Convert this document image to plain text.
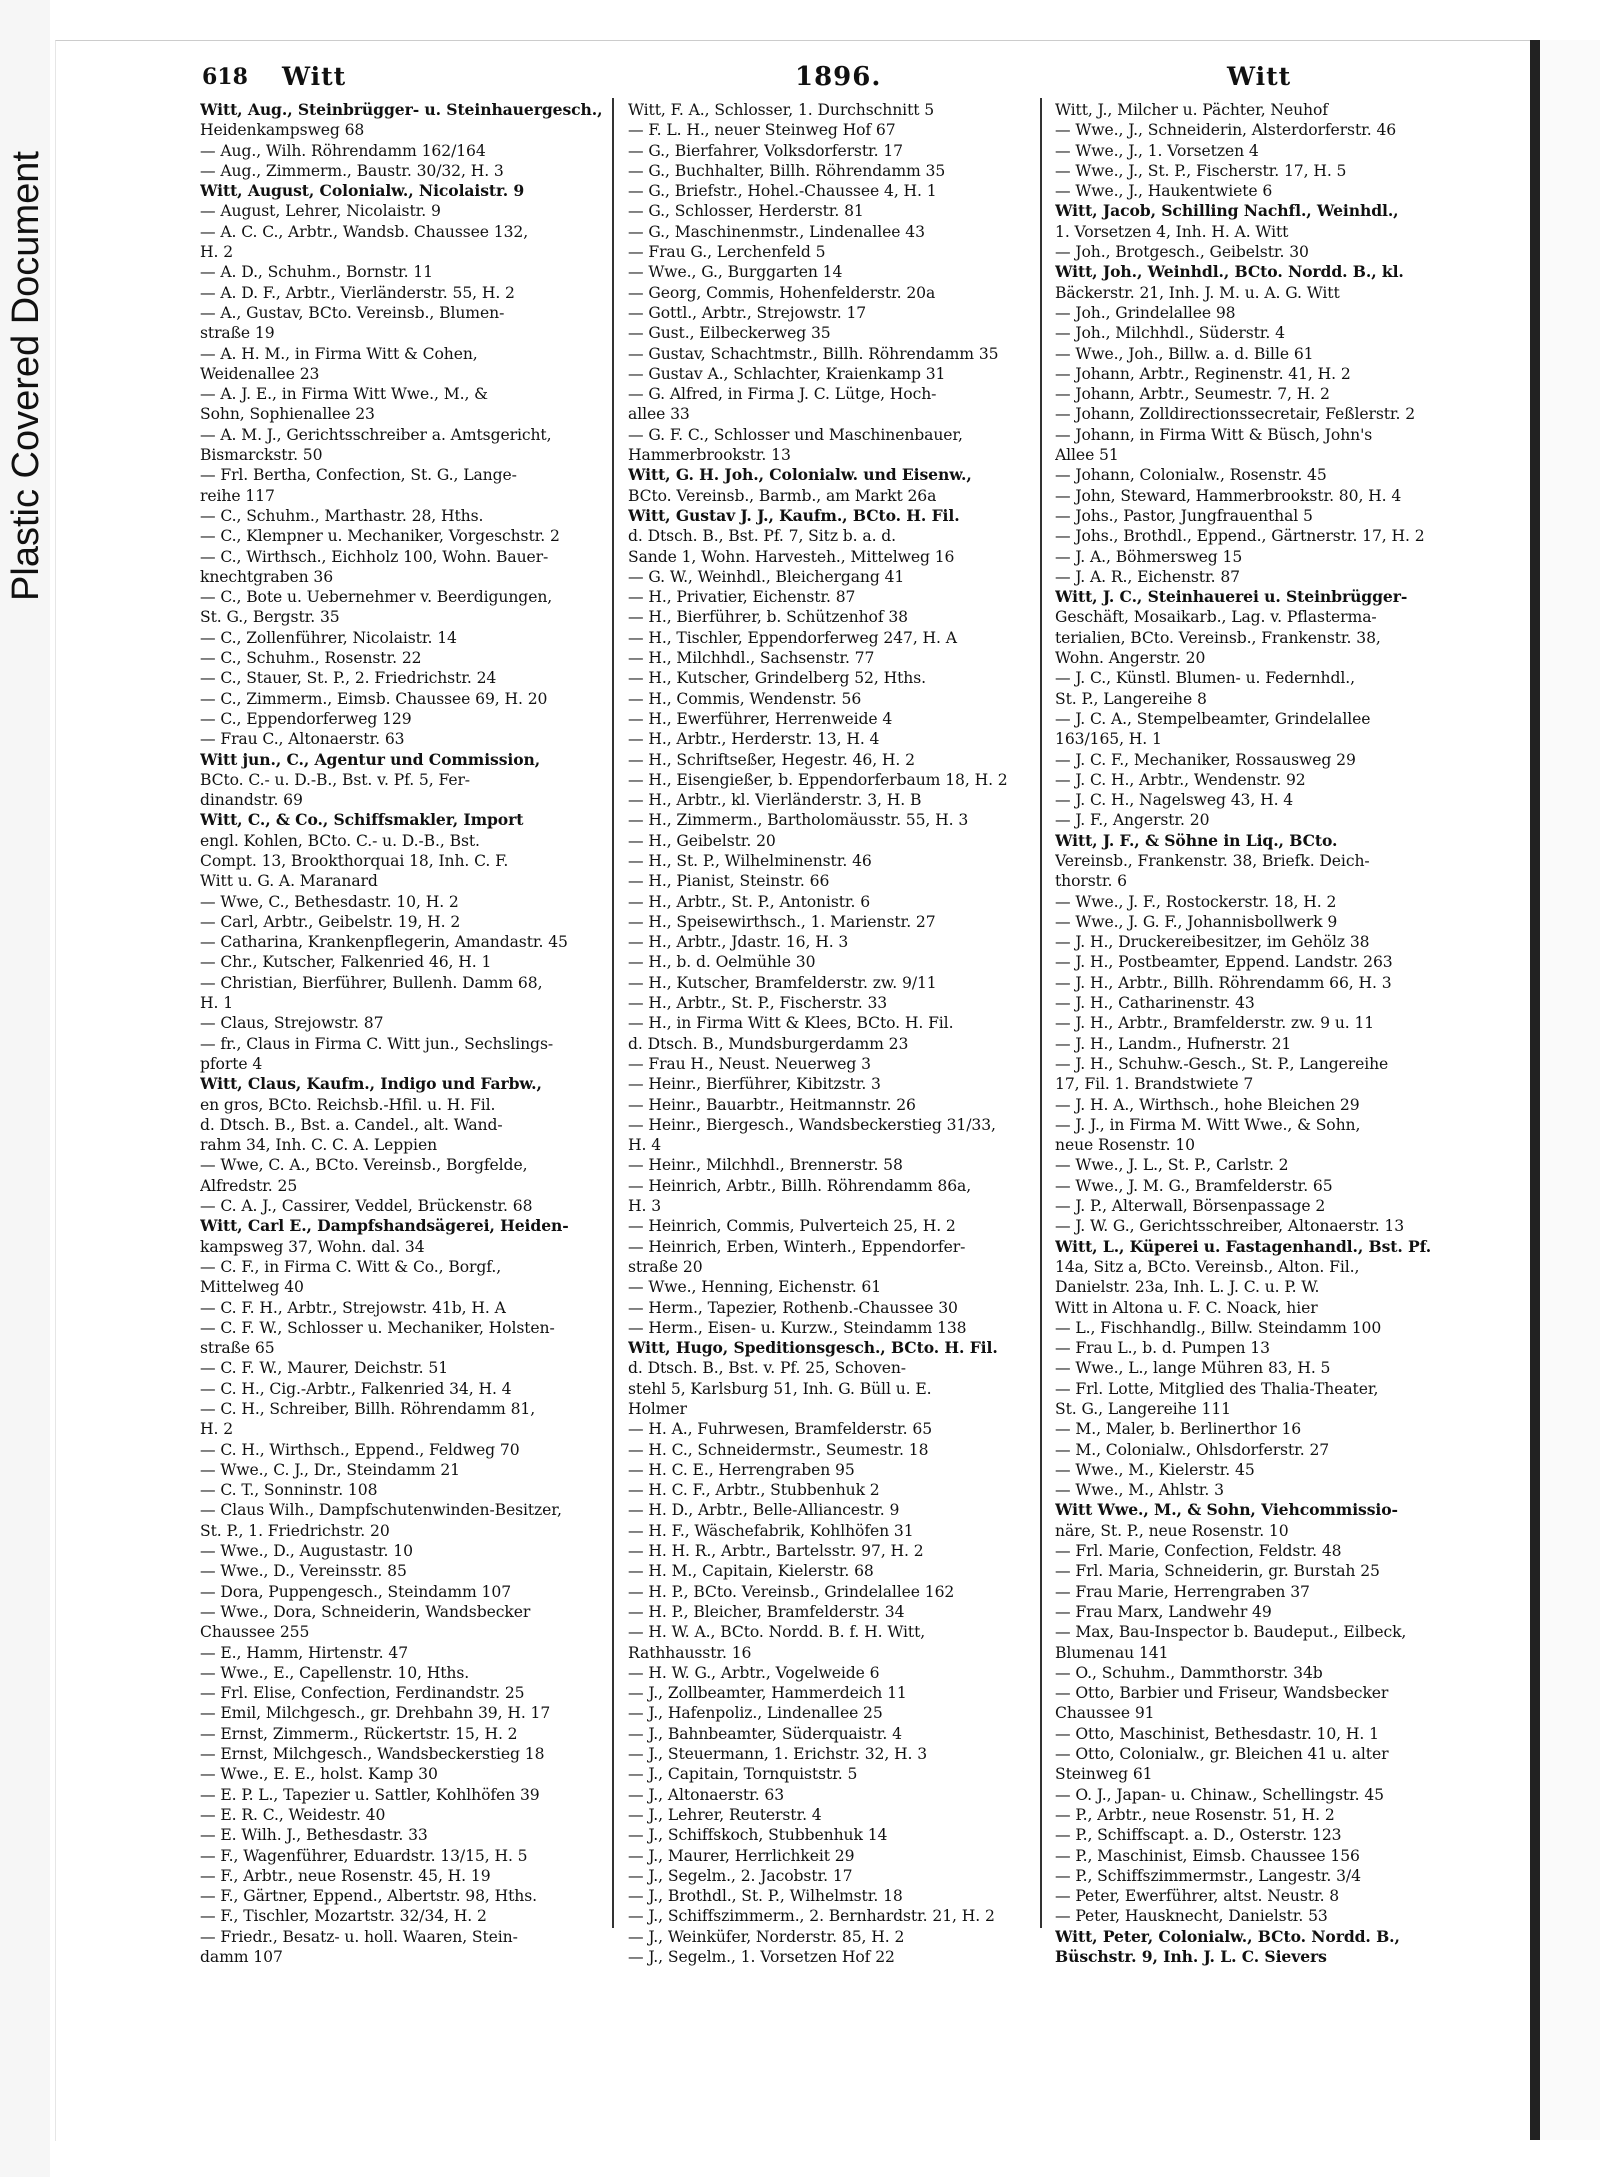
Plastic Covered Document
618 Witt	1896.	Witt
Witt, Aug., Steinbrügger- u. Steinhauergesch.,
Heidenkampsweg 68
— Aug., Wilh. Röhrendamm 162/164
— Aug., Zimmerm., Baustr. 30/32, H. 3
Witt, August, Colonialw., Nicolaistr. 9
— August, Lehrer, Nicolaistr. 9
— A. C. C., Arbtr., Wandsb. Chaussee 132,
H. 2
— A. D., Schuhm., Bornstr. 11
— A. D. F., Arbtr., Vierländerstr. 55, H. 2
— A., Gustav, BCto. Vereinsb., Blumen-
straße 19
— A. H. M., in Firma Witt & Cohen,
Weidenallee 23
— A. J. E., in Firma Witt Wwe., M., &
Sohn, Sophienallee 23
— A. M. J., Gerichtsschreiber a. Amtsgericht,
Bismarckstr. 50
— Frl. Bertha, Confection, St. G., Lange-
reihe 117
— C., Schuhm., Marthastr. 28, Hths.
— C., Klempner u. Mechaniker, Vorgeschstr. 2
— C., Wirthsch., Eichholz 100, Wohn. Bauer-
knechtgraben 36
— C., Bote u. Uebernehmer v. Beerdigungen,
St. G., Bergstr. 35
— C., Zollenführer, Nicolaistr. 14
— C., Schuhm., Rosenstr. 22
— C., Stauer, St. P., 2. Friedrichstr. 24
— C., Zimmerm., Eimsb. Chaussee 69, H. 20
— C., Eppendorferweg 129
— Frau C., Altonaerstr. 63
Witt jun., C., Agentur und Commission,
BCto. C.- u. D.-B., Bst. v. Pf. 5, Fer-
dinandstr. 69
Witt, C., & Co., Schiffsmakler, Import
engl. Kohlen, BCto. C.- u. D.-B., Bst.
Compt. 13, Brookthorquai 18, Inh. C. F.
Witt u. G. A. Maranard
— Wwe, C., Bethesdastr. 10, H. 2
— Carl, Arbtr., Geibelstr. 19, H. 2
— Catharina, Krankenpflegerin, Amandastr. 45
— Chr., Kutscher, Falkenried 46, H. 1
— Christian, Bierführer, Bullenh. Damm 68,
H. 1
— Claus, Strejowstr. 87
— fr., Claus in Firma C. Witt jun., Sechslings-
pforte 4
Witt, Claus, Kaufm., Indigo und Farbw.,
en gros, BCto. Reichsb.-Hfil. u. H. Fil.
d. Dtsch. B., Bst. a. Candel., alt. Wand-
rahm 34, Inh. C. C. A. Leppien
— Wwe, C. A., BCto. Vereinsb., Borgfelde,
Alfredstr. 25
— C. A. J., Cassirer, Veddel, Brückenstr. 68
Witt, Carl E., Dampfshandsägerei, Heiden-
kampsweg 37, Wohn. dal. 34
— C. F., in Firma C. Witt & Co., Borgf.,
Mittelweg 40
— C. F. H., Arbtr., Strejowstr. 41b, H. A
— C. F. W., Schlosser u. Mechaniker, Holsten-
straße 65
— C. F. W., Maurer, Deichstr. 51
— C. H., Cig.-Arbtr., Falkenried 34, H. 4
— C. H., Schreiber, Billh. Röhrendamm 81,
H. 2
— C. H., Wirthsch., Eppend., Feldweg 70
— Wwe., C. J., Dr., Steindamm 21
— C. T., Sonninstr. 108
— Claus Wilh., Dampfschutenwinden-Besitzer,
St. P., 1. Friedrichstr. 20
— Wwe., D., Augustastr. 10
— Wwe., D., Vereinsstr. 85
— Dora, Puppengesch., Steindamm 107
— Wwe., Dora, Schneiderin, Wandsbecker
Chaussee 255
— E., Hamm, Hirtenstr. 47
— Wwe., E., Capellenstr. 10, Hths.
— Frl. Elise, Confection, Ferdinandstr. 25
— Emil, Milchgesch., gr. Drehbahn 39, H. 17
— Ernst, Zimmerm., Rückertstr. 15, H. 2
— Ernst, Milchgesch., Wandsbeckerstieg 18
— Wwe., E. E., holst. Kamp 30
— E. P. L., Tapezier u. Sattler, Kohlhöfen 39
— E. R. C., Weidestr. 40
— E. Wilh. J., Bethesdastr. 33
— F., Wagenführer, Eduardstr. 13/15, H. 5
— F., Arbtr., neue Rosenstr. 45, H. 19
— F., Gärtner, Eppend., Albertstr. 98, Hths.
— F., Tischler, Mozartstr. 32/34, H. 2
— Friedr., Besatz- u. holl. Waaren, Stein-
damm 107
Witt, F. A., Schlosser, 1. Durchschnitt 5
— F. L. H., neuer Steinweg Hof 67
— G., Bierfahrer, Volksdorferstr. 17
— G., Buchhalter, Billh. Röhrendamm 35
— G., Briefstr., Hohel.-Chaussee 4, H. 1
— G., Schlosser, Herderstr. 81
— G., Maschinenmstr., Lindenallee 43
— Frau G., Lerchenfeld 5
— Wwe., G., Burggarten 14
— Georg, Commis, Hohenfelderstr. 20a
— Gottl., Arbtr., Strejowstr. 17
— Gust., Eilbeckerweg 35
— Gustav, Schachtmstr., Billh. Röhrendamm 35
— Gustav A., Schlachter, Kraienkamp 31
— G. Alfred, in Firma J. C. Lütge, Hoch-
allee 33
— G. F. C., Schlosser und Maschinenbauer,
Hammerbrookstr. 13
Witt, G. H. Joh., Colonialw. und Eisenw.,
BCto. Vereinsb., Barmb., am Markt 26a
Witt, Gustav J. J., Kaufm., BCto. H. Fil.
d. Dtsch. B., Bst. Pf. 7, Sitz b. a. d.
Sande 1, Wohn. Harvestеh., Mittelweg 16
— G. W., Weinhdl., Bleichergang 41
— H., Privatier, Eichenstr. 87
— H., Bierführer, b. Schützenhof 38
— H., Tischler, Eppendorferweg 247, H. A
— H., Milchhdl., Sachsenstr. 77
— H., Kutscher, Grindelberg 52, Hths.
— H., Commis, Wendenstr. 56
— H., Ewerführer, Herrenweide 4
— H., Arbtr., Herderstr. 13, H. 4
— H., Schriftseßer, Hegestr. 46, H. 2
— H., Eisengießer, b. Eppendorferbaum 18, H. 2
— H., Arbtr., kl. Vierländerstr. 3, H. B
— H., Zimmerm., Bartholomäusstr. 55, H. 3
— H., Geibelstr. 20
— H., St. P., Wilhelminenstr. 46
— H., Pianist, Steinstr. 66
— H., Arbtr., St. P., Antonistr. 6
— H., Speisewirthsch., 1. Marienstr. 27
— H., Arbtr., Jdastr. 16, H. 3
— H., b. d. Oelmühle 30
— H., Kutscher, Bramfelderstr. zw. 9/11
— H., Arbtr., St. P., Fischerstr. 33
— H., in Firma Witt & Klees, BCto. H. Fil.
d. Dtsch. B., Mundsburgerdamm 23
— Frau H., Neust. Neuerweg 3
— Heinr., Bierführer, Kibitzstr. 3
— Heinr., Bauarbtr., Heitmannstr. 26
— Heinr., Biergesch., Wandsbeckerstieg 31/33,
H. 4
— Heinr., Milchhdl., Brennerstr. 58
— Heinrich, Arbtr., Billh. Röhrendamm 86a,
H. 3
— Heinrich, Commis, Pulverteich 25, H. 2
— Heinrich, Erben, Winterh., Eppendorfer-
straße 20
— Wwe., Henning, Eichenstr. 61
— Herm., Tapezier, Rothenb.-Chaussee 30
— Herm., Eisen- u. Kurzw., Steindamm 138
Witt, Hugo, Speditionsgesch., BCto. H. Fil.
d. Dtsch. B., Bst. v. Pf. 25, Schoven-
stehl 5, Karlsburg 51, Inh. G. Büll u. E.
Holmer
— H. A., Fuhrwesen, Bramfelderstr. 65
— H. C., Schneidermstr., Seumestr. 18
— H. C. E., Herrengraben 95
— H. C. F., Arbtr., Stubbenhuk 2
— H. D., Arbtr., Belle-Alliancestr. 9
— H. F., Wäschefabrik, Kohlhöfen 31
— H. H. R., Arbtr., Bartelsstr. 97, H. 2
— H. M., Capitain, Kielerstr. 68
— H. P., BCto. Vereinsb., Grindelallee 162
— H. P., Bleicher, Bramfelderstr. 34
— H. W. A., BCto. Nordd. B. f. H. Witt,
Rathhausstr. 16
— H. W. G., Arbtr., Vogelweide 6
— J., Zollbeamter, Hammerdeich 11
— J., Hafenpoliz., Lindenallee 25
— J., Bahnbeamter, Süderquaistr. 4
— J., Steuermann, 1. Erichstr. 32, H. 3
— J., Capitain, Tornquiststr. 5
— J., Altonaerstr. 63
— J., Lehrer, Reuterstr. 4
— J., Schiffskoch, Stubbenhuk 14
— J., Maurer, Herrlichkeit 29
— J., Segelm., 2. Jacobstr. 17
— J., Brothdl., St. P., Wilhelmstr. 18
— J., Schiffszimmerm., 2. Bernhardstr. 21, H. 2
— J., Weinküfer, Norderstr. 85, H. 2
— J., Segelm., 1. Vorsetzen Hof 22
Witt, J., Milcher u. Pächter, Neuhof
— Wwe., J., Schneiderin, Alsterdorferstr. 46
— Wwe., J., 1. Vorsetzen 4
— Wwe., J., St. P., Fischerstr. 17, H. 5
— Wwe., J., Haukentwiete 6
Witt, Jacob, Schilling Nachfl., Weinhdl.,
1. Vorsetzen 4, Inh. H. A. Witt
— Joh., Brotgesch., Geibelstr. 30
Witt, Joh., Weinhdl., BCto. Nordd. B., kl.
Bäckerstr. 21, Inh. J. M. u. A. G. Witt
— Joh., Grindelallee 98
— Joh., Milchhdl., Süderstr. 4
— Wwe., Joh., Billw. a. d. Bille 61
— Johann, Arbtr., Reginenstr. 41, H. 2
— Johann, Arbtr., Seumestr. 7, H. 2
— Johann, Zolldirectionssecretair, Feßlerstr. 2
— Johann, in Firma Witt & Büsch, John's
Allee 51
— Johann, Colonialw., Rosenstr. 45
— John, Steward, Hammerbrookstr. 80, H. 4
— Johs., Pastor, Jungfrauenthal 5
— Johs., Brothdl., Eppend., Gärtnerstr. 17, H. 2
— J. A., Böhmersweg 15
— J. A. R., Eichenstr. 87
Witt, J. C., Steinhauerei u. Steinbrügger-
Geschäft, Mosaikarb., Lag. v. Pflasterma-
terialien, BCto. Vereinsb., Frankenstr. 38,
Wohn. Angerstr. 20
— J. C., Künstl. Blumen- u. Federnhdl.,
St. P., Langereihe 8
— J. C. A., Stempelbeamter, Grindelallee
163/165, H. 1
— J. C. F., Mechaniker, Rossausweg 29
— J. C. H., Arbtr., Wendenstr. 92
— J. C. H., Nagelsweg 43, H. 4
— J. F., Angerstr. 20
Witt, J. F., & Söhne in Liq., BCto.
Vereinsb., Frankenstr. 38, Briefk. Deich-
thorstr. 6
— Wwe., J. F., Rostockerstr. 18, H. 2
— Wwe., J. G. F., Johannisbollwerk 9
— J. H., Druckereibesitzer, im Gehölz 38
— J. H., Postbeamter, Eppend. Landstr. 263
— J. H., Arbtr., Billh. Röhrendamm 66, H. 3
— J. H., Catharinenstr. 43
— J. H., Arbtr., Bramfelderstr. zw. 9 u. 11
— J. H., Landm., Hufnerstr. 21
— J. H., Schuhw.-Gesch., St. P., Langereihe
17, Fil. 1. Brandstwiete 7
— J. H. A., Wirthsch., hohe Bleichen 29
— J. J., in Firma M. Witt Wwe., & Sohn,
neue Rosenstr. 10
— Wwe., J. L., St. P., Carlstr. 2
— Wwe., J. M. G., Bramfelderstr. 65
— J. P., Alterwall, Börsenpassage 2
— J. W. G., Gerichtsschreiber, Altonaerstr. 13
Witt, L., Küperei u. Fastagenhandl., Bst. Pf.
14a, Sitz a, BCto. Vereinsb., Alton. Fil.,
Danielstr. 23a, Inh. L. J. C. u. P. W.
Witt in Altona u. F. C. Noack, hier
— L., Fischhandlg., Billw. Steindamm 100
— Frau L., b. d. Pumpen 13
— Wwe., L., lange Mühren 83, H. 5
— Frl. Lotte, Mitglied des Thalia-Theater,
St. G., Langereihe 111
— M., Maler, b. Berlinerthor 16
— M., Colonialw., Ohlsdorferstr. 27
— Wwe., M., Kielerstr. 45
— Wwe., M., Ahlstr. 3
Witt Wwe., M., & Sohn, Viehcommissio-
näre, St. P., neue Rosenstr. 10
— Frl. Marie, Confection, Feldstr. 48
— Frl. Maria, Schneiderin, gr. Burstah 25
— Frau Marie, Herrengraben 37
— Frau Marx, Landwehr 49
— Max, Bau-Inspector b. Baudeput., Eilbeck,
Blumenau 141
— O., Schuhm., Dammthorstr. 34b
— Otto, Barbier und Friseur, Wandsbecker
Chaussee 91
— Otto, Maschinist, Bethesdastr. 10, H. 1
— Otto, Colonialw., gr. Bleichen 41 u. alter
Steinweg 61
— O. J., Japan- u. Chinaw., Schellingstr. 45
— P., Arbtr., neue Rosenstr. 51, H. 2
— P., Schiffscapt. a. D., Osterstr. 123
— P., Maschinist, Eimsb. Chaussee 156
— P., Schiffszimmermstr., Langestr. 3/4
— Peter, Ewerführer, altst. Neustr. 8
— Peter, Hausknecht, Danielstr. 53
Witt, Peter, Colonialw., BCto. Nordd. B.,
Büschstr. 9, Inh. J. L. C. Sievers
